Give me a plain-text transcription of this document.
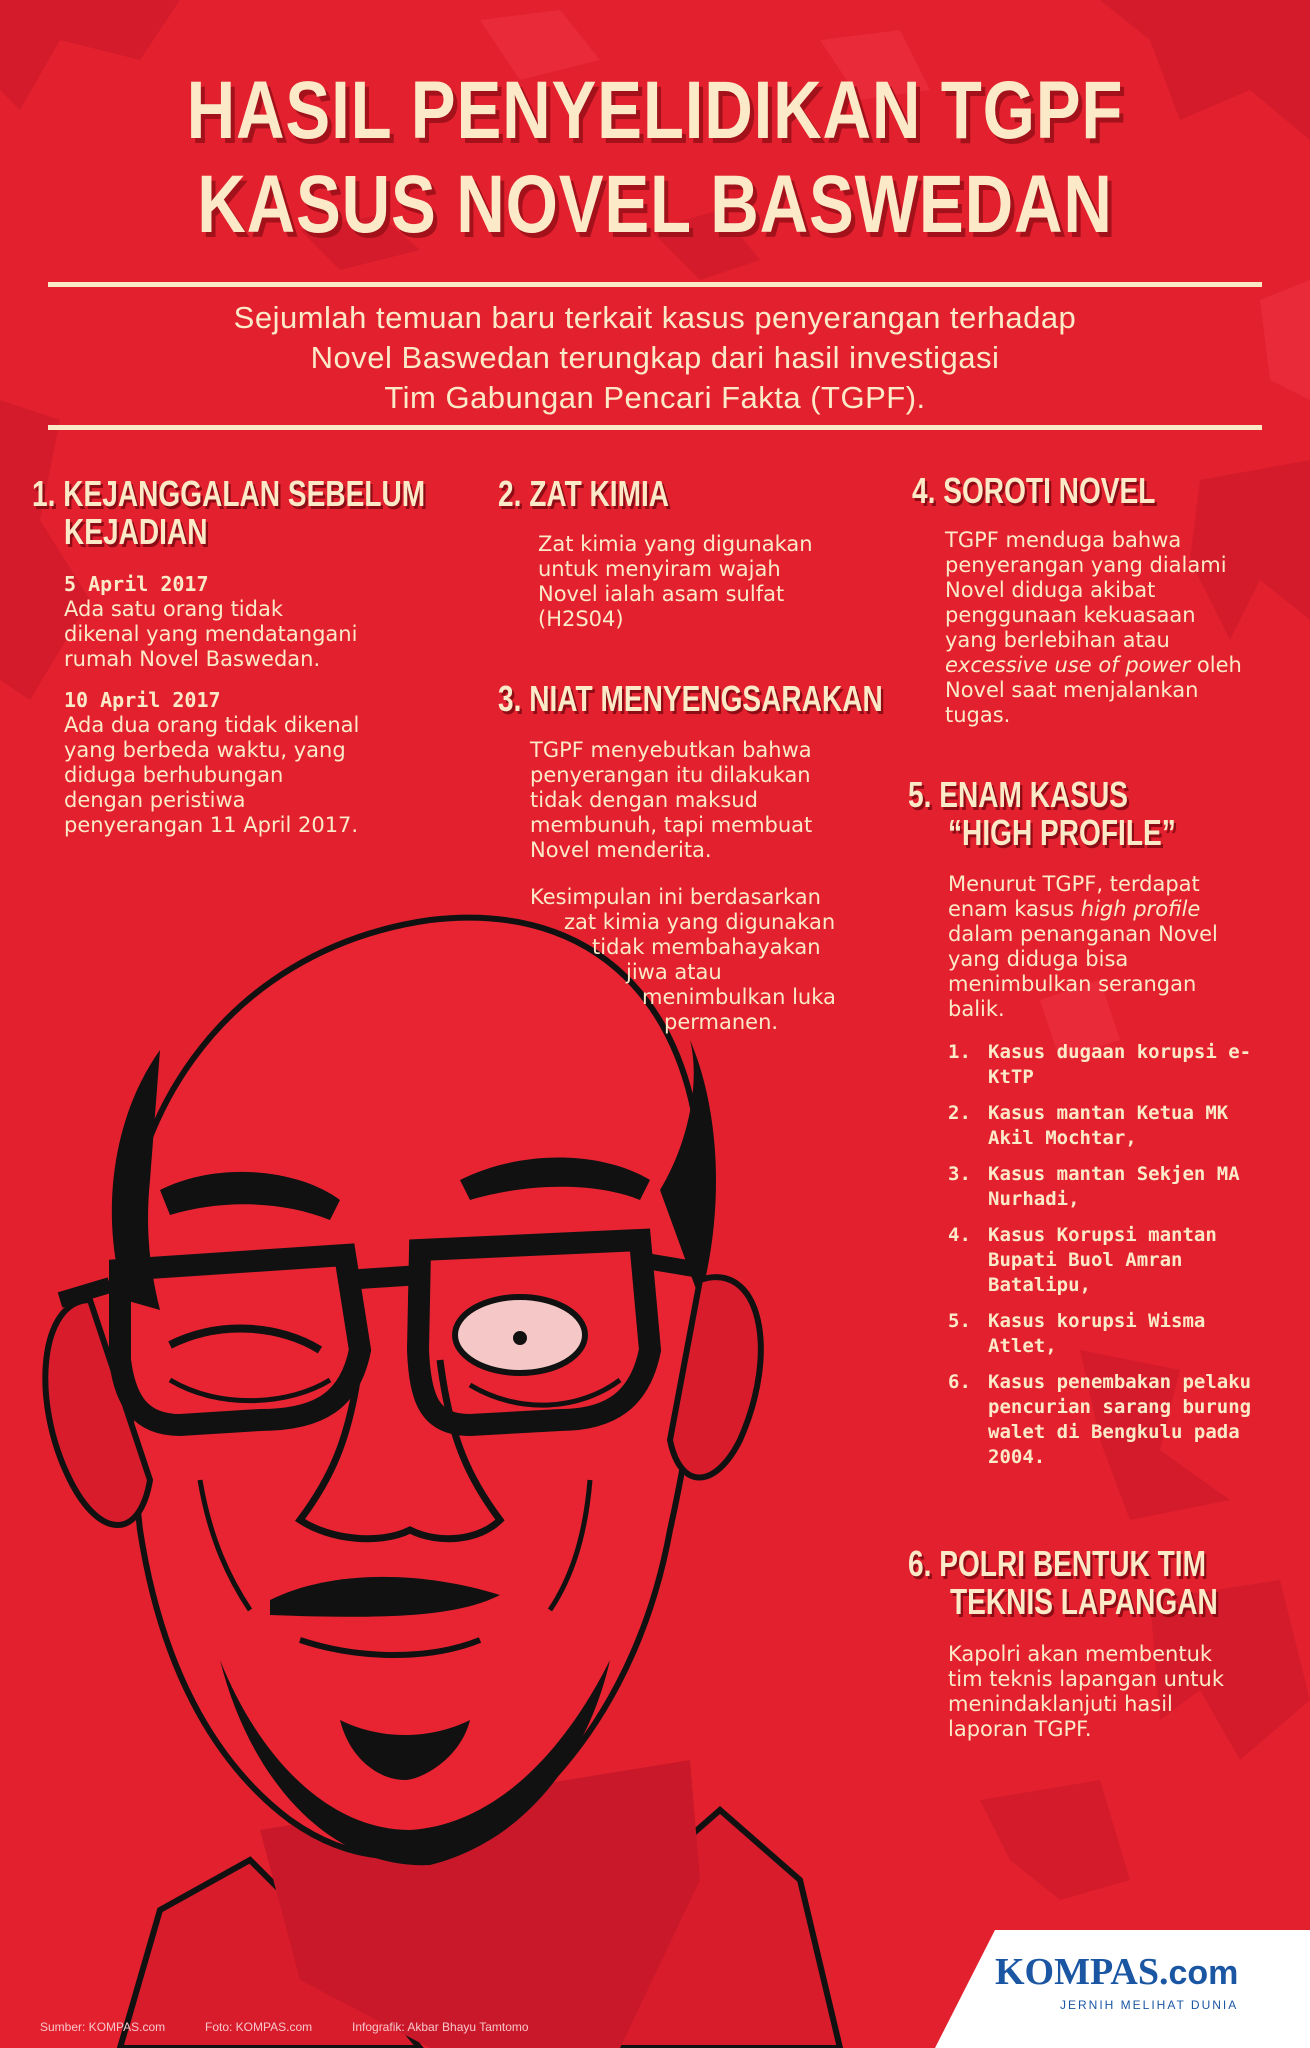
HASIL PENYELIDIKAN TGPF
KASUS NOVEL BASWEDAN
Sejumlah temuan baru terkait kasus penyerangan terhadap
Novel Baswedan terungkap dari hasil investigasi
Tim Gabungan Pencari Fakta (TGPF).
1. KEJANGGALAN SEBELUM
KEJADIAN
5 April 2017
Ada satu orang tidak
dikenal yang mendatangani
rumah Novel Baswedan.
10 April 2017
Ada dua orang tidak dikenal
yang berbeda waktu, yang
diduga berhubungan
dengan peristiwa
penyerangan 11 April 2017.
2. ZAT KIMIA
Zat kimia yang digunakan
untuk menyiram wajah
Novel ialah asam sulfat
(H2S04)
3. NIAT MENYENGSARAKAN
TGPF menyebutkan bahwa
penyerangan itu dilakukan
tidak dengan maksud
membunuh, tapi membuat
Novel menderita.
Kesimpulan ini berdasarkan
zat kimia yang digunakan
tidak membahayakan
jiwa atau
menimbulkan luka
permanen.
4. SOROTI NOVEL
TGPF menduga bahwa
penyerangan yang dialami
Novel diduga akibat
penggunaan kekuasaan
yang berlebihan atau
excessive use of power oleh
Novel saat menjalankan
tugas.
5. ENAM KASUS
“HIGH PROFILE”
Menurut TGPF, terdapat
enam kasus high profile
dalam penanganan Novel
yang diduga bisa
menimbulkan serangan
balik.
1. Kasus dugaan korupsi e-KtTP
2. Kasus mantan Ketua MK Akil Mochtar,
3. Kasus mantan Sekjen MA Nurhadi,
4. Kasus Korupsi mantan Bupati Buol Amran Batalipu,
5. Kasus korupsi Wisma Atlet,
6. Kasus penembakan pelaku pencurian sarang burung walet di Bengkulu pada 2004.
6. POLRI BENTUK TIM
TEKNIS LAPANGAN
Kapolri akan membentuk
tim teknis lapangan untuk
menindaklanjuti hasil
laporan TGPF.
Sumber: KOMPAS.com	Foto: KOMPAS.com	Infografik: Akbar Bhayu Tamtomo
KOMPAS.com
JERNIH MELIHAT DUNIA
